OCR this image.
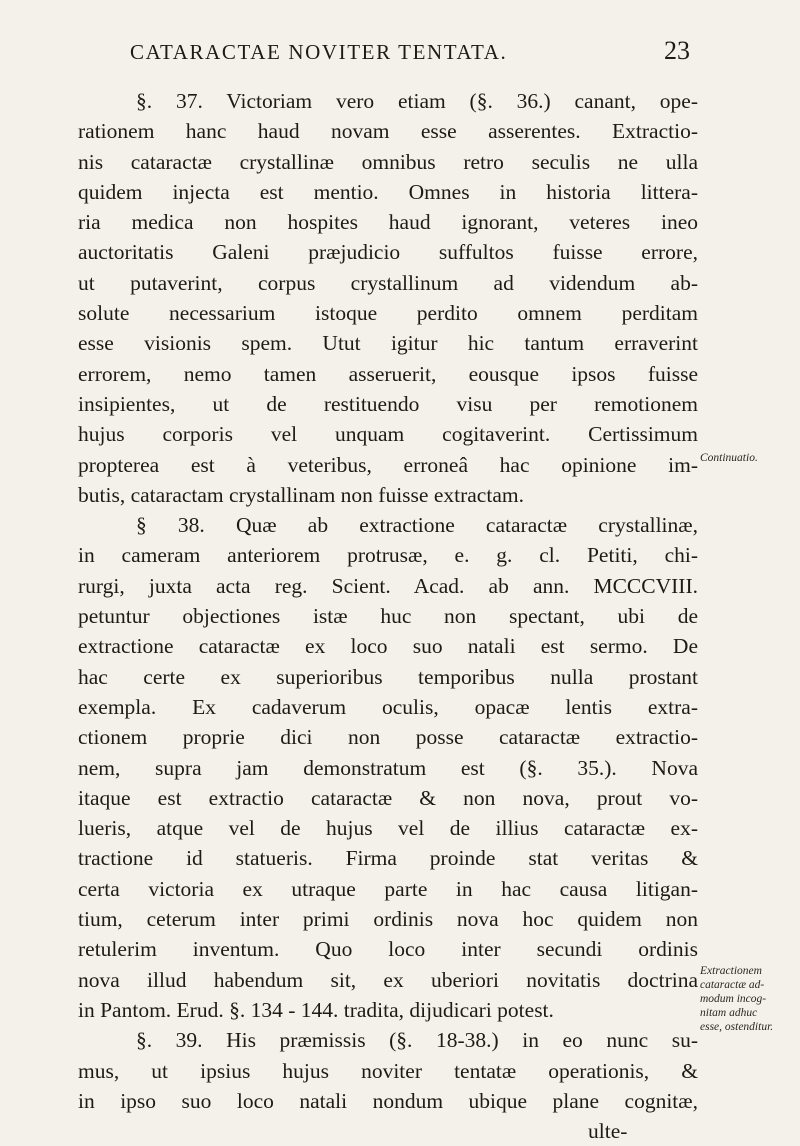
CATARACTAE NOVITER TENTATA.	23
§. 37. Victoriam vero etiam (§. 36.) canant, ope-
rationem hanc haud novam esse asserentes. Extractio-
nis cataractæ crystallinæ omnibus retro seculis ne ulla
quidem injecta est mentio. Omnes in historia littera-
ria medica non hospites haud ignorant, veteres ineo
auctoritatis Galeni præjudicio suffultos fuisse errore,
ut putaverint, corpus crystallinum ad videndum ab-
solute necessarium istoque perdito omnem perditam
esse visionis spem. Utut igitur hic tantum erraverint
errorem, nemo tamen asseruerit, eousque ipsos fuisse
insipientes, ut de restituendo visu per remotionem
hujus corporis vel unquam cogitaverint. Certissimum
propterea est à veteribus, erroneâ hac opinione im-
butis, cataractam crystallinam non fuisse extractam.
§ 38. Quæ ab extractione cataractæ crystallinæ,
in cameram anteriorem protrusæ, e. g. cl. Petiti, chi-
rurgi, juxta acta reg. Scient. Acad. ab ann. MCCCVIII.
petuntur objectiones istæ huc non spectant, ubi de
extractione cataractæ ex loco suo natali est sermo. De
hac certe ex superioribus temporibus nulla prostant
exempla. Ex cadaverum oculis, opacæ lentis extra-
ctionem proprie dici non posse cataractæ extractio-
nem, supra jam demonstratum est (§. 35.). Nova
itaque est extractio cataractæ & non nova, prout vo-
lueris, atque vel de hujus vel de illius cataractæ ex-
tractione id statueris. Firma proinde stat veritas &
certa victoria ex utraque parte in hac causa litigan-
tium, ceterum inter primi ordinis nova hoc quidem non
retulerim inventum. Quo loco inter secundi ordinis
nova illud habendum sit, ex uberiori novitatis doctrina
in Pantom. Erud. §. 134 - 144. tradita, dijudicari potest.
§. 39. His præmissis (§. 18-38.) in eo nunc su-
mus, ut ipsius hujus noviter tentatæ operationis, &
in ipso suo loco natali nondum ubique plane cognitæ,
ulte-
Continuatio.
Extractionem
cataractæ ad-
modum incog-
nitam adhuc
esse, ostenditur.
